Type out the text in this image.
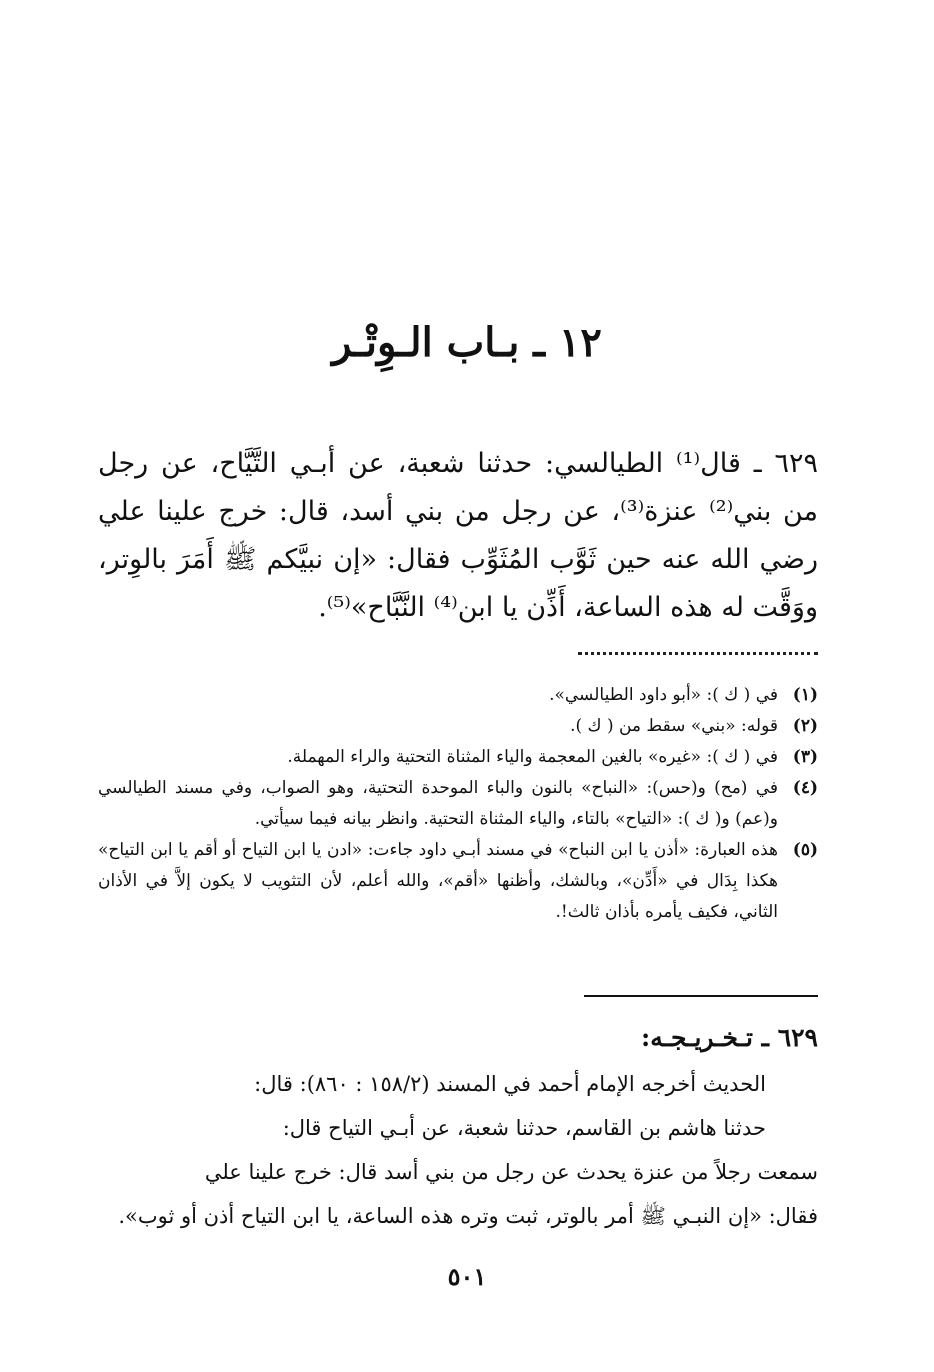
١٢ ـ بـاب الـوِتْـر

٦٢٩ ـ قال⁽¹⁾ الطيالسي: حدثنا شعبة، عن أبـي التَّيَّاح، عن رجل من بني⁽²⁾ عنزة⁽³⁾، عن رجل من بني أسد، قال: خرج علينا علي رضي الله عنه حين ثَوَّب المُثَوِّب فقال: «إن نبيَّكم ﷺ أَمَرَ بالوِتر، ووَقَّت له هذه الساعة، أَذِّن يا ابن⁽⁴⁾ النَّبَّاح»⁽⁵⁾.

(١)
في ( ك ): «أبو داود الطيالسي».
(٢)
قوله: «بني» سقط من ( ك ).
(٣)
في ( ك ): «غيره» بالغين المعجمة والياء المثناة التحتية والراء المهملة.
(٤)
في (مح) و(حس): «النباح» بالنون والباء الموحدة التحتية، وهو الصواب، وفي مسند الطيالسي و(عم) و( ك ): «التياح» بالتاء، والياء المثناة التحتية. وانظر بيانه فيما سيأتي.
(٥)
هذه العبارة: «أذن يا ابن النباح» في مسند أبـي داود جاءت: «ادن يا ابن التياح أو أقم يا ابن التياح» هكذا بِدَال في «أَدِّن»، وبالشك، وأظنها «أقم»، والله أعلم، لأن التثويب لا يكون إلاَّ في الأذان الثاني، فكيف يأمره بأذان ثالث!.
٦٢٩ ـ تـخـريـجـه:
الحديث أخرجه الإمام أحمد في المسند (١٥٨/٢ : ٨٦٠): قال:
حدثنا هاشم بن القاسم، حدثنا شعبة، عن أبـي التياح قال:
سمعت رجلاً من عنزة يحدث عن رجل من بني أسد قال: خرج علينا علي
فقال: «إن النبـي ﷺ أمر بالوتر، ثبت وتره هذه الساعة، يا ابن التياح أذن أو ثوب».
٥٠١
